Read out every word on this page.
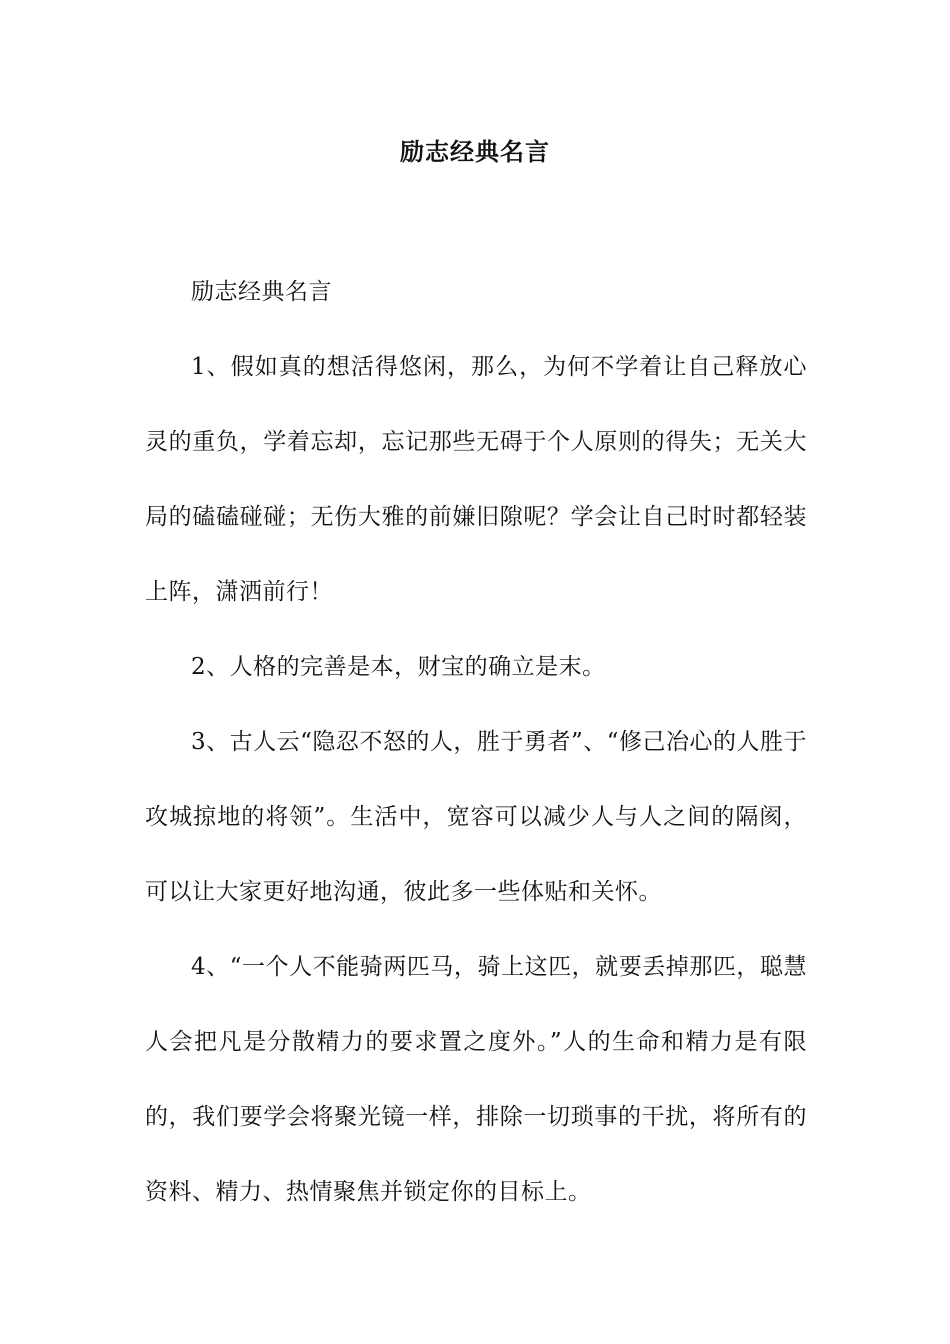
励志经典名言

励志经典名言

1、假如真的想活得悠闲，那么，为何不学着让自己释放心灵的重负，学着忘却，忘记那些无碍于个人原则的得失；无关大局的磕磕碰碰；无伤大雅的前嫌旧隙呢？学会让自己时时都轻装上阵，潇洒前行！

2、人格的完善是本，财宝的确立是末。

3、古人云“隐忍不怒的人，胜于勇者”、“修己冶心的人胜于攻城掠地的将领”。生活中，宽容可以减少人与人之间的隔阂，可以让大家更好地沟通，彼此多一些体贴和关怀。

4、“一个人不能骑两匹马，骑上这匹，就要丢掉那匹，聪慧人会把凡是分散精力的要求置之度外。”人的生命和精力是有限的，我们要学会将聚光镜一样，排除一切琐事的干扰，将所有的资料、精力、热情聚焦并锁定你的目标上。
